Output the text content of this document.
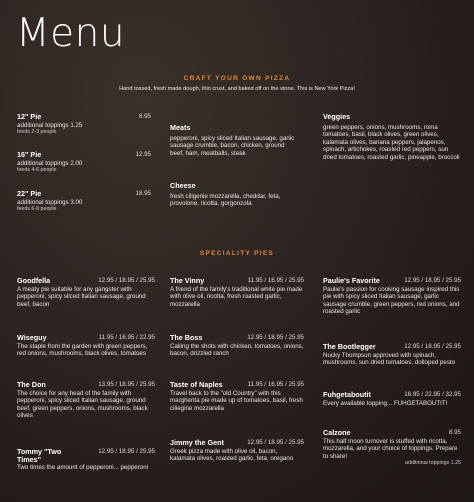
Menu
CRAFT YOUR OWN PIZZA
Hand tossed, fresh made dough, thin crust, and baked off on the stone. This is New York Pizza!
12" Pie	8.95
additional toppings 1.25
feeds 2-3 people
16" Pie	12.95
additional toppings 2.00
feeds 4-6 people
22" Pie	18.95
additional toppings 3.00
feeds 6-8 people
Meats
pepperoni, spicy sliced Italian sausage, garlic sausage crumble, bacon, chicken, ground beef, ham, meatballs, steak
Cheese
fresh ciligenie mozzarella, cheddar, feta, provolone, ricotta, gorgonzola
Veggies
green peppers, onions, mushrooms, roma tomatoes, basil, black olives, green olives, kalamata olives, banana peppers, jalapenos, spinach, artichokes, roasted red peppers, sun dried tomatoes, roasted garlic, pineapple, broccoli
SPECIALITY PIES
Goodfella	12.95 / 18.95 / 25.95
A meaty pie suitable for any gangster with pepperoni, spicy sliced Italian sausage, ground beef, bacon
Wiseguy	11.95 / 16.95 / 22.95
The staple from the garden with green peppers, red onions, mushrooms, black olives, tomatoes
The Don	13.95 / 18.95 / 25.95
The choice for any head of the family with pepperoni, spicy sliced Italian sausage, ground beef, green peppers, onions, mushrooms, black olives
Tommy "Two Times"
12.95 / 18.95 / 25.95
Two times the amount of pepperoni... pepperoni
The Vinny	11.95 / 16.95 / 25.95
A friend of the family's traditional white pie made with olive oil, ricotta, fresh roasted garlic, mozzarella
The Boss	12.95 / 18.95 / 25.95
Calling the shots with chicken, tomatoes, onions, bacon, drizzled ranch
Taste of Naples	11.95 / 16.95 / 25.95
Travel back to the "old Country" with this margherita pie made up of tomatoes, basil, fresh ciliegine mozzarella
Jimmy the Gent	12.95 / 18.95 / 25.95
Greek pizza made with olive oil, bacon, kalamata olives, roasted garlic, feta, oregano
Paulie's Favorite	12.95 / 18.95 / 25.95
Paulie's passion for cooking sausage inspired this pie with spicy sliced Italian sausage, garlic sausage crumble, green peppers, red onions, and roasted garlic
The Bootlegger	12.95 / 18.95 / 25.95
Nucky Thompson approved with spinach, mushrooms, sun dried tomatoes, dolloped pesto
Fuhgetaboutit	16.95 / 22.95 / 32.95
Every available topping... FUHGETABOUTIT!
Calzone	8.95
This half moon turnover is stuffed with ricotta, mozzarella, and your choice of toppings. Prepare to share!
additional toppings 1.25
